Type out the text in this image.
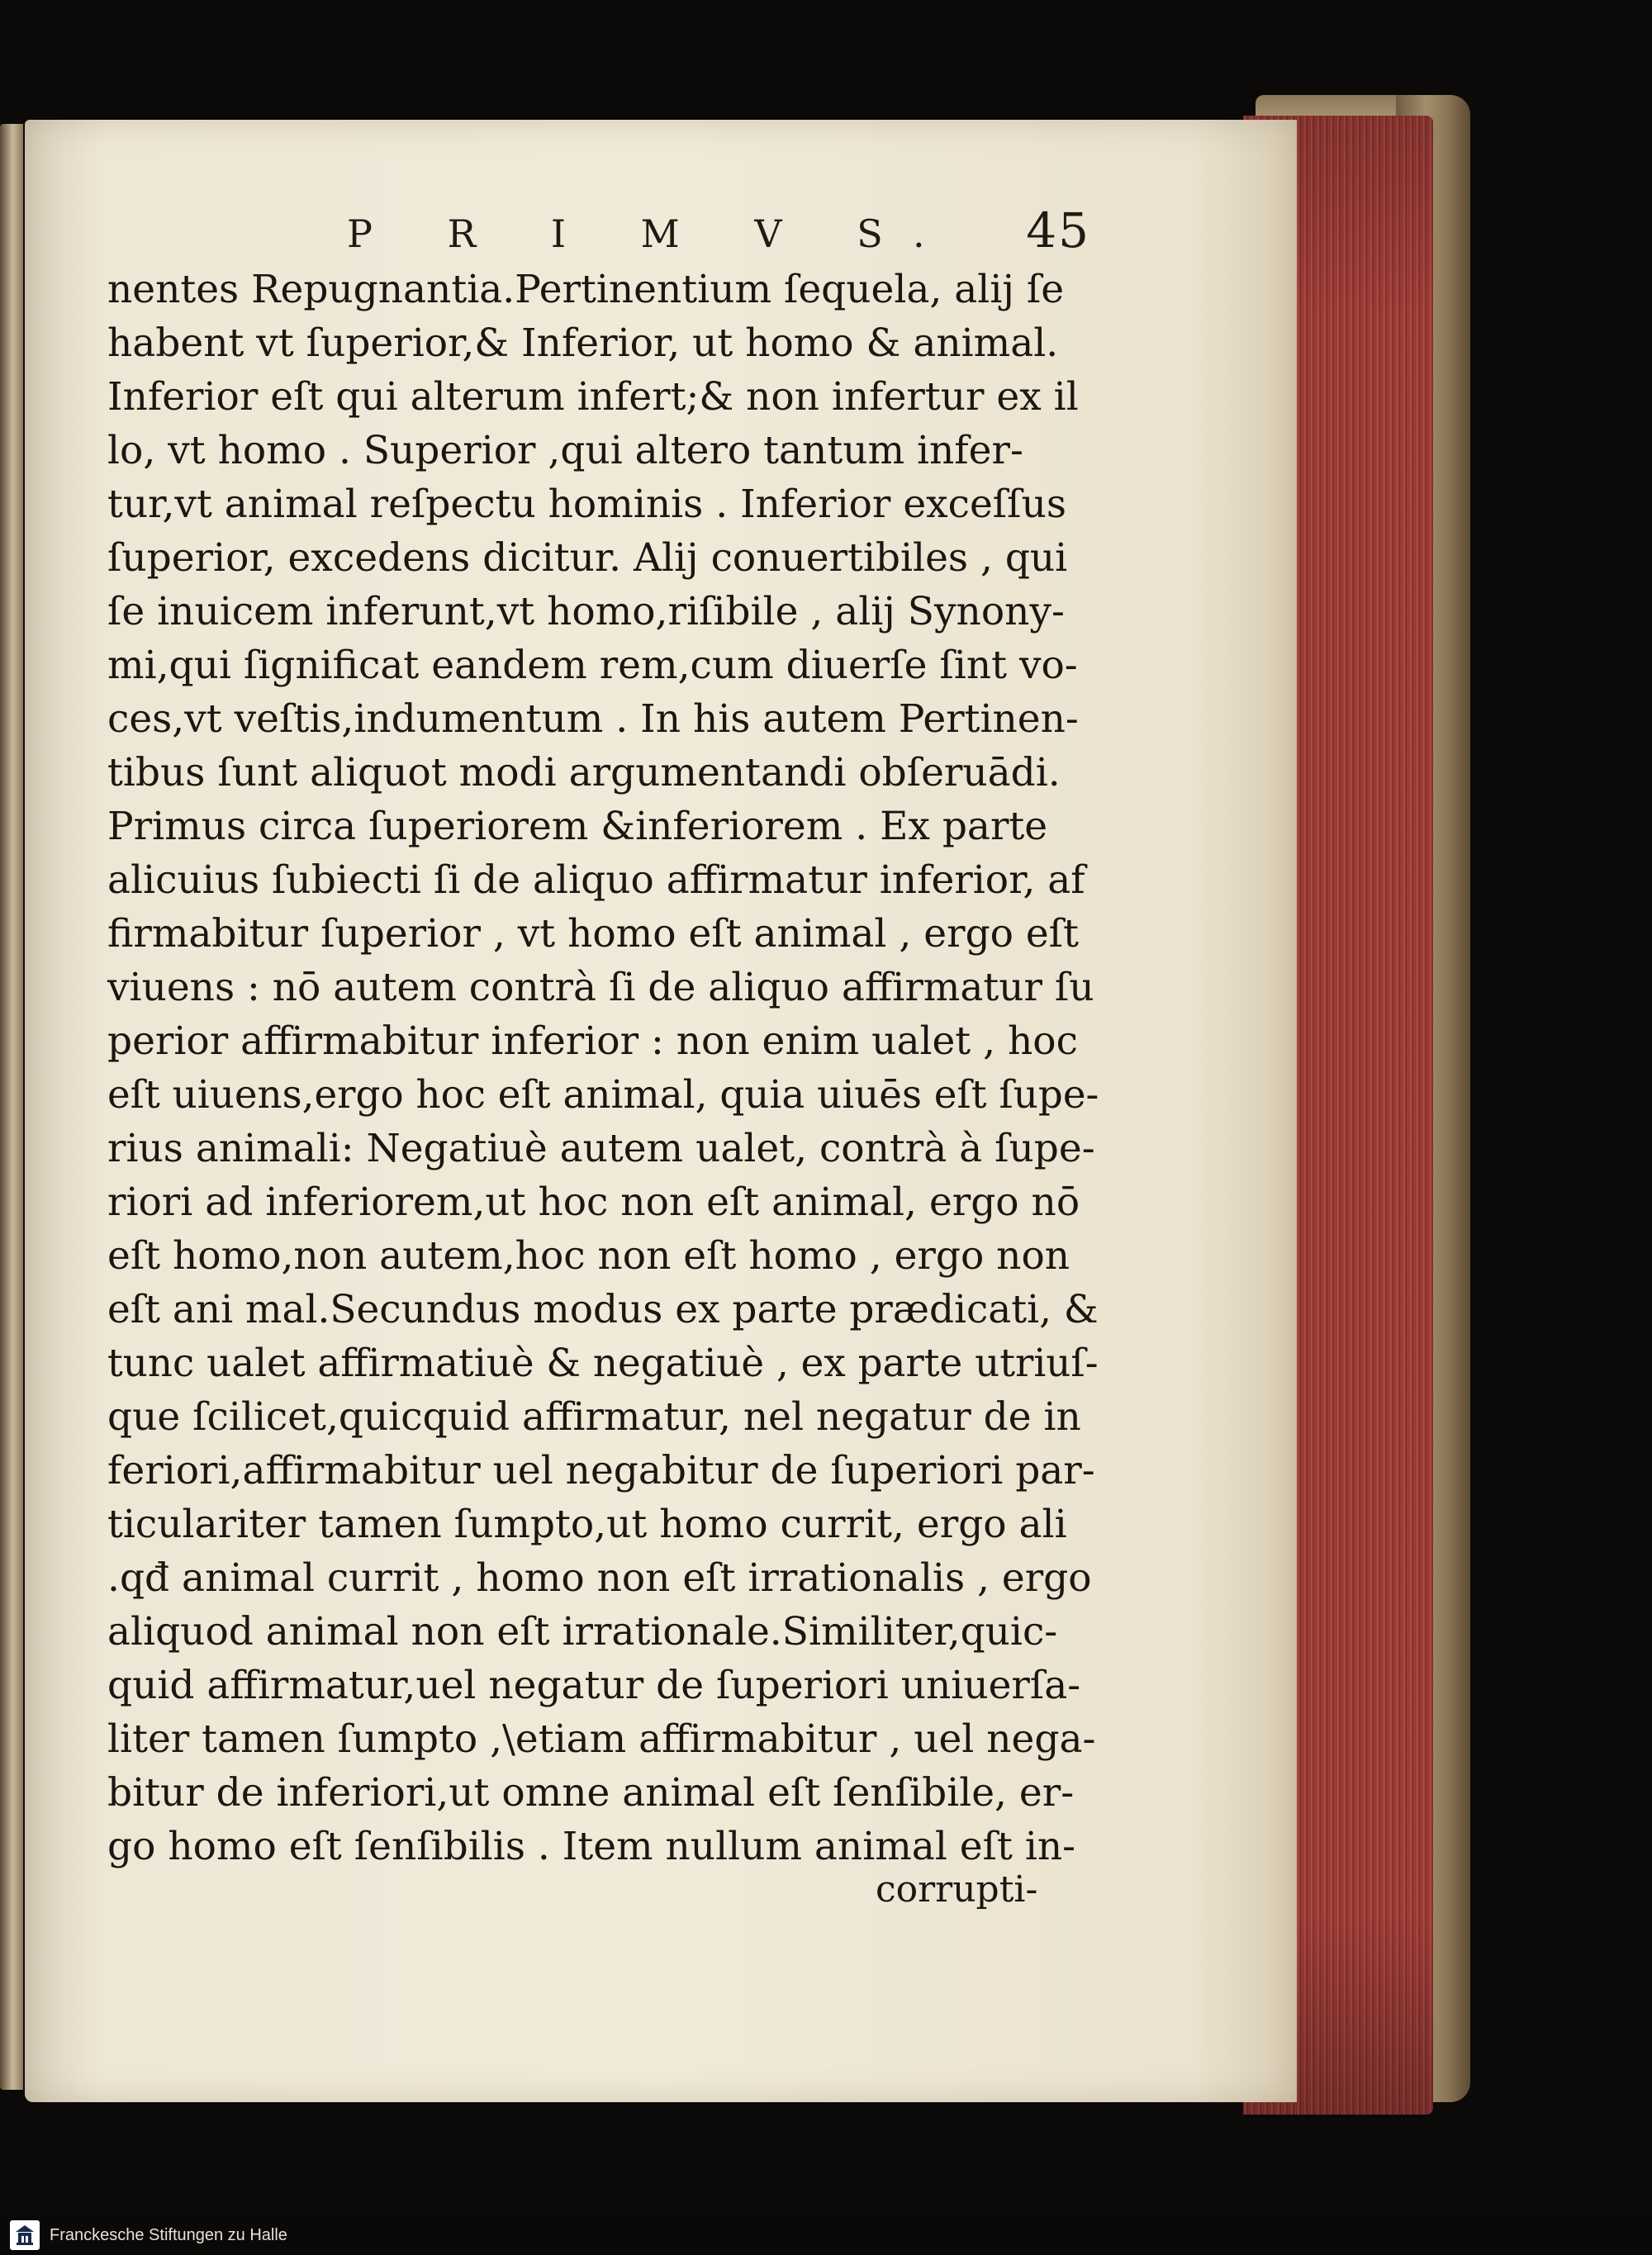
P R I M V S. 45
nentes Repugnantia.Pertinentium ſequela, alij ſe
habent vt ſuperior,& Inferior, ut homo & animal.
Inferior eſt qui alterum infert;& non infertur ex il
lo, vt homo . Superior ,qui altero tantum infer-
tur,vt animal reſpectu hominis . Inferior exceſſus
ſuperior, excedens dicitur. Alij conuertibiles , qui
ſe inuicem inferunt,vt homo,riſibile , alij Synony-
mi,qui ſignificat eandem rem,cum diuerſe ſint vo-
ces,vt veſtis,indumentum . In his autem Pertinen-
tibus ſunt aliquot modi argumentandi obſeruādi.
Primus circa ſuperiorem &inferiorem . Ex parte
alicuius ſubiecti ſi de aliquo affirmatur inferior, af
firmabitur ſuperior , vt homo eſt animal , ergo eſt
viuens : nō autem contrà ſi de aliquo affirmatur ſu
perior affirmabitur inferior : non enim ualet , hoc
eſt uiuens,ergo hoc eſt animal, quia uiuēs eſt ſupe-
rius animali: Negatiuè autem ualet, contrà à ſupe-
riori ad inferiorem,ut hoc non eſt animal, ergo nō
eſt homo,non autem,hoc non eſt homo , ergo non
eſt ani mal.Secundus modus ex parte prædicati, &
tunc ualet affirmatiuè & negatiuè , ex parte utriuſ-
que ſcilicet,quicquid affirmatur, nel negatur de in
feriori,affirmabitur uel negabitur de ſuperiori par-
ticulariter tamen ſumpto,ut homo currit, ergo ali
.qđ animal currit , homo non eſt irrationalis , ergo
aliquod animal non eſt irrationale.Similiter,quic-
quid affirmatur,uel negatur de ſuperiori uniuerſa-
liter tamen ſumpto ,\etiam affirmabitur , uel nega-
bitur de inferiori,ut omne animal eſt ſenſibile, er-
go homo eſt ſenſibilis . Item nullum animal eſt in-
corrupti-
Franckesche Stiftungen zu Halle
